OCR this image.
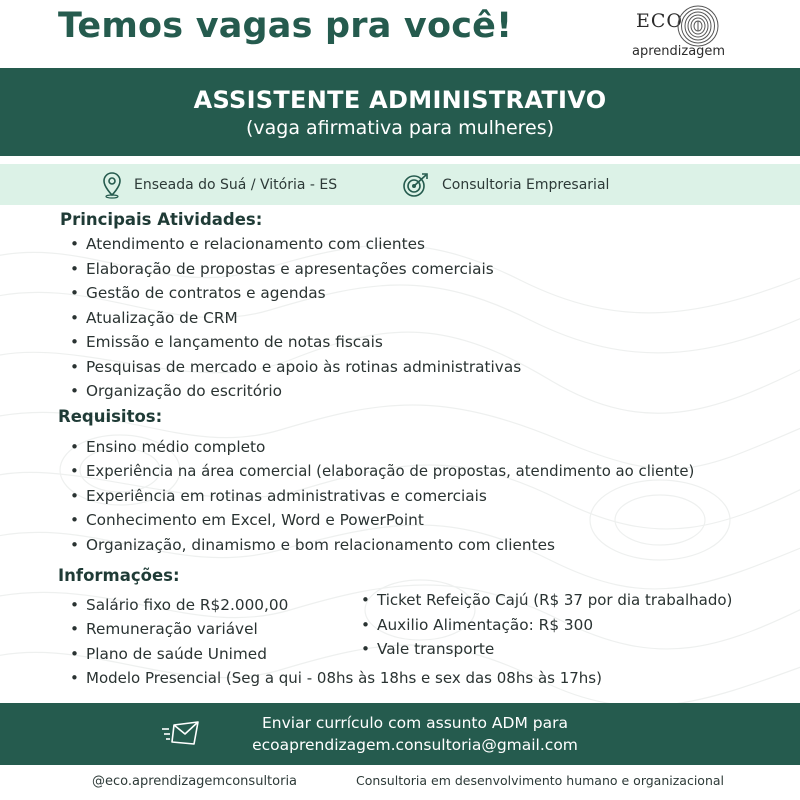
Temos vagas pra você!	ECO
aprendizagem
ASSISTENTE ADMINISTRATIVO
(vaga afirmativa para mulheres)
Enseada do Suá / Vitória - ES	Consultoria Empresarial
Principais Atividades:
• Atendimento e relacionamento com clientes
• Elaboração de propostas e apresentações comerciais
• Gestão de contratos e agendas
• Atualização de CRM
• Emissão e lançamento de notas fiscais
• Pesquisas de mercado e apoio às rotinas administrativas
• Organização do escritório
Requisitos:
• Ensino médio completo
• Experiência na área comercial (elaboração de propostas, atendimento ao cliente)
• Experiência em rotinas administrativas e comerciais
• Conhecimento em Excel, Word e PowerPoint
• Organização, dinamismo e bom relacionamento com clientes
Informações:
• Salário fixo de R$2.000,00
• Remuneração variável
• Plano de saúde Unimed
• Modelo Presencial (Seg a qui - 08hs às 18hs e sex das 08hs às 17hs)
• Ticket Refeição Cajú (R$ 37 por dia trabalhado)
• Auxilio Alimentação: R$ 300
• Vale transporte
Enviar currículo com assunto ADM para
ecoaprendizagem.consultoria@gmail.com
@eco.aprendizagemconsultoria	Consultoria em desenvolvimento humano e organizacional
